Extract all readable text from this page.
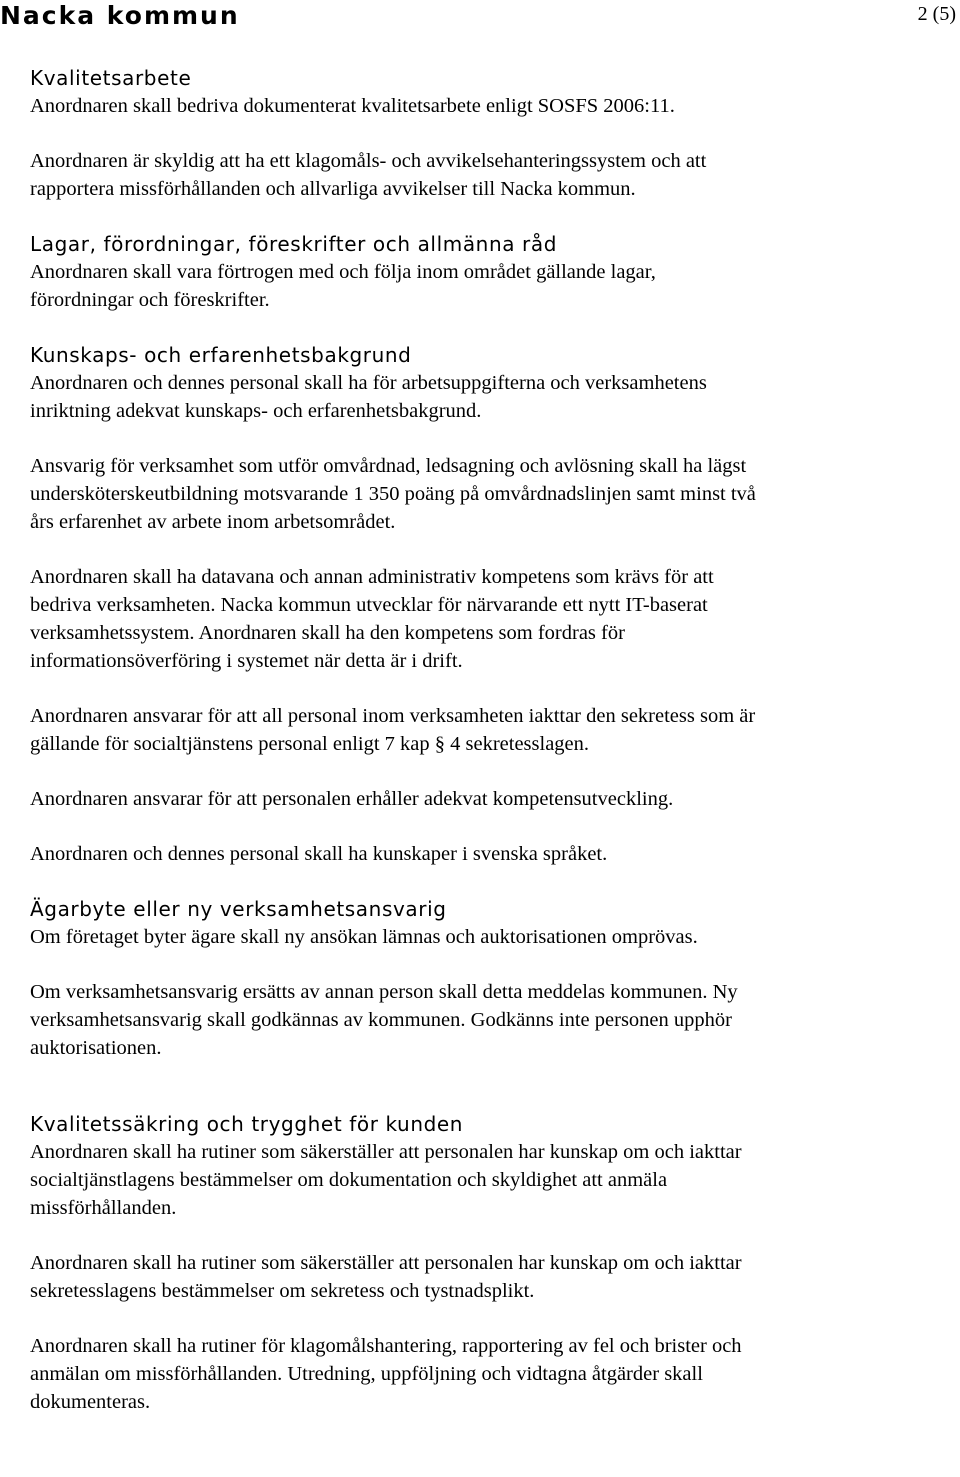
Nacka kommun	2 (5)
Kvalitetsarbete

Anordnaren skall bedriva dokumenterat kvalitetsarbete enligt SOSFS 2006:11.

Anordnaren är skyldig att ha ett klagomåls- och avvikelsehanteringssystem och att

rapportera missförhållanden och allvarliga avvikelser till Nacka kommun.

Lagar, förordningar, föreskrifter och allmänna råd

Anordnaren skall vara förtrogen med och följa inom området gällande lagar,

förordningar och föreskrifter.

Kunskaps- och erfarenhetsbakgrund

Anordnaren och dennes personal skall ha för arbetsuppgifterna och verksamhetens

inriktning adekvat kunskaps- och erfarenhetsbakgrund.

Ansvarig för verksamhet som utför omvårdnad, ledsagning och avlösning skall ha lägst

undersköterskeutbildning motsvarande 1 350 poäng på omvårdnadslinjen samt minst två

års erfarenhet av arbete inom arbetsområdet.

Anordnaren skall ha datavana och annan administrativ kompetens som krävs för att

bedriva verksamheten. Nacka kommun utvecklar för närvarande ett nytt IT-baserat

verksamhetssystem. Anordnaren skall ha den kompetens som fordras för

informationsöverföring i systemet när detta är i drift.

Anordnaren ansvarar för att all personal inom verksamheten iakttar den sekretess som är

gällande för socialtjänstens personal enligt 7 kap § 4 sekretesslagen.

Anordnaren ansvarar för att personalen erhåller adekvat kompetensutveckling.

Anordnaren och dennes personal skall ha kunskaper i svenska språket.

Ägarbyte eller ny verksamhetsansvarig

Om företaget byter ägare skall ny ansökan lämnas och auktorisationen omprövas.

Om verksamhetsansvarig ersätts av annan person skall detta meddelas kommunen. Ny

verksamhetsansvarig skall godkännas av kommunen. Godkänns inte personen upphör

auktorisationen.

Kvalitetssäkring och trygghet för kunden

Anordnaren skall ha rutiner som säkerställer att personalen har kunskap om och iakttar

socialtjänstlagens bestämmelser om dokumentation och skyldighet att anmäla

missförhållanden.

Anordnaren skall ha rutiner som säkerställer att personalen har kunskap om och iakttar

sekretesslagens bestämmelser om sekretess och tystnadsplikt.

Anordnaren skall ha rutiner för klagomålshantering, rapportering av fel och brister och

anmälan om missförhållanden. Utredning, uppföljning och vidtagna åtgärder skall

dokumenteras.
